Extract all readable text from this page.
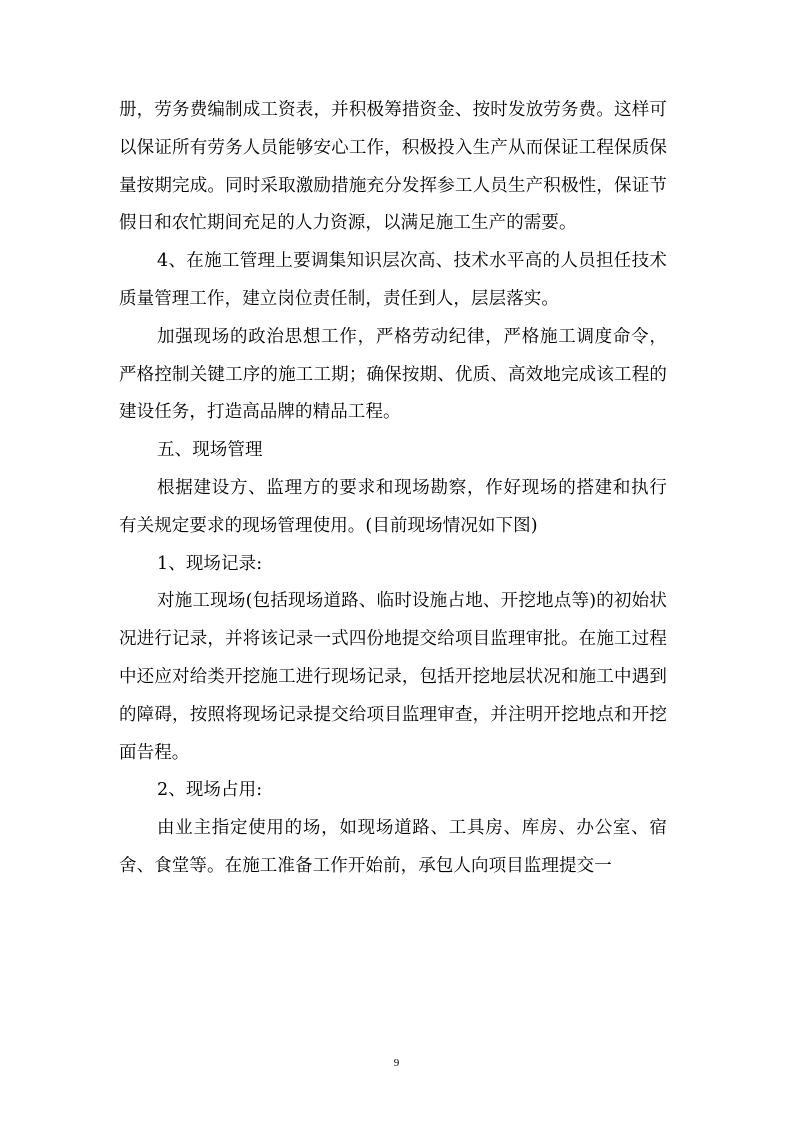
册，劳务费编制成工资表，并积极筹措资金、按时发放劳务费。这样可以保证所有劳务人员能够安心工作，积极投入生产从而保证工程保质保量按期完成。同时采取激励措施充分发挥参工人员生产积极性，保证节假日和农忙期间充足的人力资源，以满足施工生产的需要。

4、在施工管理上要调集知识层次高、技术水平高的人员担任技术质量管理工作，建立岗位责任制，责任到人，层层落实。

加强现场的政治思想工作，严格劳动纪律，严格施工调度命令，严格控制关键工序的施工工期；确保按期、优质、高效地完成该工程的建设任务，打造高品牌的精品工程。

五、现场管理

根据建设方、监理方的要求和现场勘察，作好现场的搭建和执行有关规定要求的现场管理使用。(目前现场情况如下图)

1、现场记录:

对施工现场(包括现场道路、临时设施占地、开挖地点等)的初始状况进行记录，并将该记录一式四份地提交给项目监理审批。在施工过程中还应对给类开挖施工进行现场记录，包括开挖地层状况和施工中遇到的障碍，按照将现场记录提交给项目监理审查，并注明开挖地点和开挖面告程。

2、现场占用:

由业主指定使用的场，如现场道路、工具房、库房、办公室、宿舍、食堂等。在施工准备工作开始前，承包人向项目监理提交一

9
